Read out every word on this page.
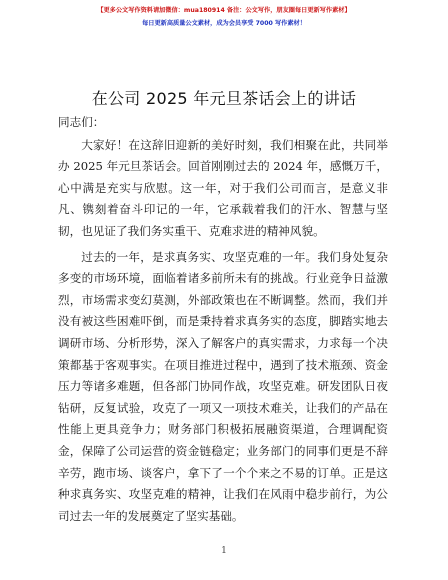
【更多公文写作资料请加微信：mua180914 备注：公文写作，朋友圈每日更新写作素材】
每日更新高质量公文素材，成为会员享受 7000 写作素材！
在公司 2025 年元旦茶话会上的讲话

同志们：

大家好！在这辞旧迎新的美好时刻，我们相聚在此，共同举办 2025 年元旦茶话会。回首刚刚过去的 2024 年，感慨万千，心中满是充实与欣慰。这一年，对于我们公司而言，是意义非凡、镌刻着奋斗印记的一年，它承载着我们的汗水、智慧与坚韧，也见证了我们务实重干、克难求进的精神风貌。

过去的一年，是求真务实、攻坚克难的一年。我们身处复杂多变的市场环境，面临着诸多前所未有的挑战。行业竞争日益激烈，市场需求变幻莫测，外部政策也在不断调整。然而，我们并没有被这些困难吓倒，而是秉持着求真务实的态度，脚踏实地去调研市场、分析形势，深入了解客户的真实需求，力求每一个决策都基于客观事实。在项目推进过程中，遇到了技术瓶颈、资金压力等诸多难题，但各部门协同作战，攻坚克难。研发团队日夜钻研，反复试验，攻克了一项又一项技术难关，让我们的产品在性能上更具竞争力；财务部门积极拓展融资渠道，合理调配资金，保障了公司运营的资金链稳定；业务部门的同事们更是不辞辛劳，跑市场、谈客户，拿下了一个个来之不易的订单。正是这种求真务实、攻坚克难的精神，让我们在风雨中稳步前行，为公司过去一年的发展奠定了坚实基础。

1
